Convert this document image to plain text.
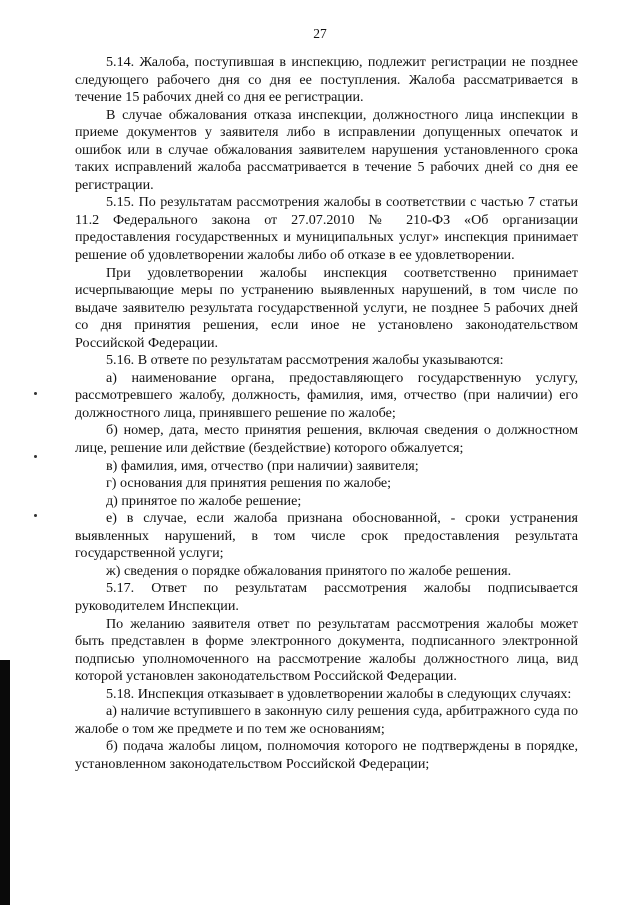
27

5.14. Жалоба, поступившая в инспекцию, подлежит регистрации не позднее следующего рабочего дня со дня ее поступления. Жалоба рассматривается в течение 15 рабочих дней со дня ее регистрации.

В случае обжалования отказа инспекции, должностного лица инспекции в приеме документов у заявителя либо в исправлении допущенных опечаток и ошибок или в случае обжалования заявителем нарушения установленного срока таких исправлений жалоба рассматривается в течение 5 рабочих дней со дня ее регистрации.

5.15. По результатам рассмотрения жалобы в соответствии с частью 7 статьи 11.2 Федерального закона от 27.07.2010 № 210-ФЗ «Об организации предоставления государственных и муниципальных услуг» инспекция принимает решение об удовлетворении жалобы либо об отказе в ее удовлетворении.

При удовлетворении жалобы инспекция соответственно принимает исчерпывающие меры по устранению выявленных нарушений, в том числе по выдаче заявителю результата государственной услуги, не позднее 5 рабочих дней со дня принятия решения, если иное не установлено законодательством Российской Федерации.

5.16. В ответе по результатам рассмотрения жалобы указываются:

а) наименование органа, предоставляющего государственную услугу, рассмотревшего жалобу, должность, фамилия, имя, отчество (при наличии) его должностного лица, принявшего решение по жалобе;

б) номер, дата, место принятия решения, включая сведения о должностном лице, решение или действие (бездействие) которого обжалуется;

в) фамилия, имя, отчество (при наличии) заявителя;

г) основания для принятия решения по жалобе;

д) принятое по жалобе решение;

е) в случае, если жалоба признана обоснованной, - сроки устранения выявленных нарушений, в том числе срок предоставления результата государственной услуги;

ж) сведения о порядке обжалования принятого по жалобе решения.

5.17. Ответ по результатам рассмотрения жалобы подписывается руководителем Инспекции.

По желанию заявителя ответ по результатам рассмотрения жалобы может быть представлен в форме электронного документа, подписанного электронной подписью уполномоченного на рассмотрение жалобы должностного лица, вид которой установлен законодательством Российской Федерации.

5.18. Инспекция отказывает в удовлетворении жалобы в следующих случаях:

а) наличие вступившего в законную силу решения суда, арбитражного суда по жалобе о том же предмете и по тем же основаниям;

б) подача жалобы лицом, полномочия которого не подтверждены в порядке, установленном законодательством Российской Федерации;
